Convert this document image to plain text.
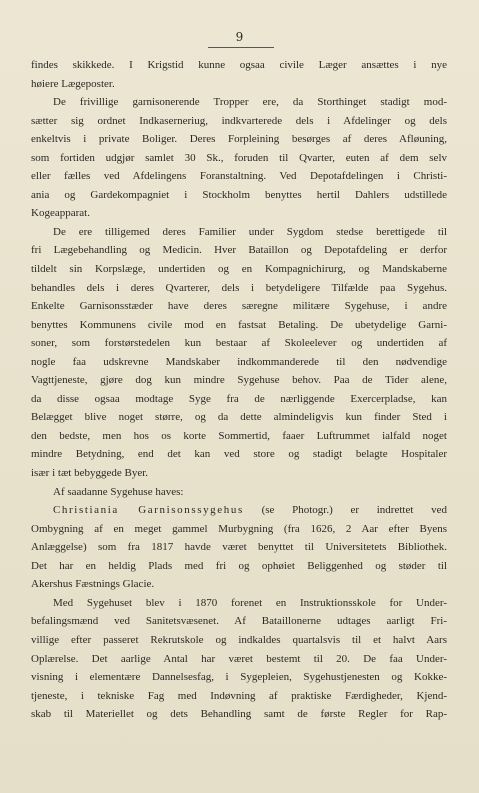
9
findes skikkede. I Krigstid kunne ogsaa civile Læger ansættes i nye
høiere Lægeposter.
De frivillige garnisonerende Tropper ere, da Storthinget stadigt mod-
sætter sig ordnet Indkaserneriug, indkvarterede dels i Afdelinger og dels
enkeltvis i private Boliger. Deres Forpleining besørges af deres Afløuning,
som fortiden udgjør samlet 30 Sk., foruden til Qvarter, euten af dem selv
eller fælles ved Afdelingens Foranstaltning. Ved Depotafdelingen i Christi-
ania og Gardekompagniet i Stockholm benyttes hertil Dahlers udstillede
Kogeapparat.
De ere tilligemed deres Familier under Sygdom stedse berettigede til
fri Lægebehandling og Medicin. Hver Bataillon og Depotafdeling er derfor
tildelt sin Korpslæge, undertiden og en Kompagnichirurg, og Mandskaberne
behandles dels i deres Qvarterer, dels i betydeligere Tilfælde paa Sygehus.
Enkelte Garnisonsstæder have deres særegne militære Sygehuse, i andre
benyttes Kommunens civile mod en fastsat Betaling. De ubetydelige Garni-
soner, som forstørstedelen kun bestaar af Skoleelever og undertiden af
nogle faa udskrevne Mandskaber indkommanderede til den nødvendige
Vagttjeneste, gjøre dog kun mindre Sygehuse behov. Paa de Tider alene,
da disse ogsaa modtage Syge fra de nærliggende Exercerpladse, kan
Belægget blive noget større, og da dette almindeligvis kun finder Sted i
den bedste, men hos os korte Sommertid, faaer Luftrummet ialfald noget
mindre Betydning, end det kan ved store og stadigt belagte Hospitaler
især i tæt bebyggede Byer.
Af saadanne Sygehuse haves:
Christiania Garnisonssygehus (se Photogr.) er indrettet ved
Ombygning af en meget gammel Murbygning (fra 1626, 2 Aar efter Byens
Anlæggelse) som fra 1817 havde været benyttet til Universitetets Bibliothek.
Det har en heldig Plads med fri og ophøiet Beliggenhed og støder til
Akershus Fæstnings Glacie.
Med Sygehuset blev i 1870 forenet en Instruktionsskole for Under-
befalingsmænd ved Sanitetsvæsenet. Af Bataillonerne udtages aarligt Fri-
villige efter passeret Rekrutskole og indkaldes quartalsvis til et halvt Aars
Oplærelse. Det aarlige Antal har været bestemt til 20. De faa Under-
visning i elementære Dannelsesfag, i Sygepleien, Sygehustjenesten og Kokke-
tjeneste, i tekniske Fag med Indøvning af praktiske Færdigheder, Kjend-
skab til Materiellet og dets Behandling samt de første Regler for Rap-
